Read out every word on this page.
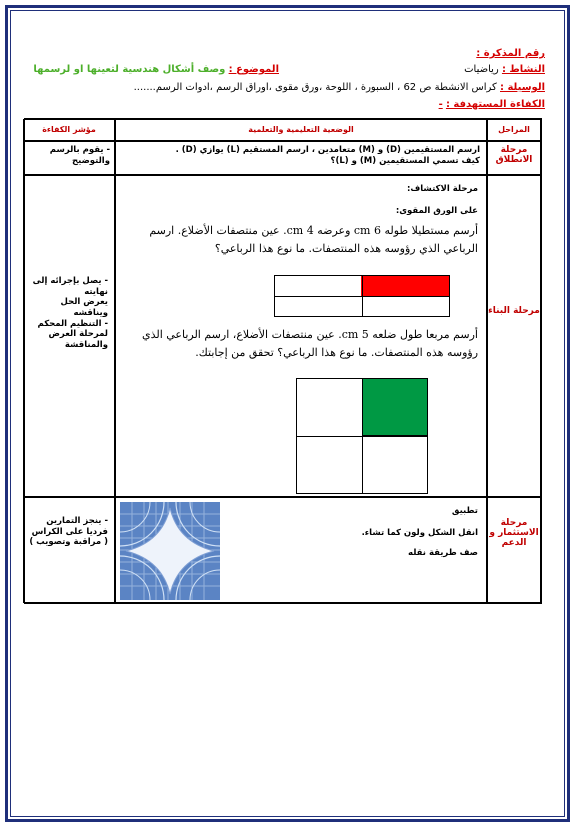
رقم المذكرة :
النشاط : رياضيات
الموضوع : وصف أشكال هندسية لتعينها او لرسمها
الوسيلة : كراس الانشطة ص 62 ، السبورة ، اللوحة ،ورق مقوى ،اوراق الرسم ،ادوات الرسم.......
الكفاءة المستهدفة : -
المراحل
الوضعية التعليمية والتعلمية
مؤشر الكفاءة
مرحلة الانطلاق
ارسم المستقيمين (D) و (M) متعامدين ، ارسم المستقيم (L) يوازي (D) .
كيف تسمي المستقيمين (M) و (L)؟
- يقوم بالرسم والتوضيح
مرحلة البناء
مرحلة الاكتشاف:
على الورق المقوى:
أرسم مستطيلا طوله 6 cm وعرضه 4 cm. عين منتصفات الأضلاع. ارسم الرباعي الذي رؤوسه هذه المنتصفات. ما نوع هذا الرباعي؟
أرسم مربعا طول ضلعه 5 cm. عين منتصفات الأضلاع، ارسم الرباعي الذي رؤوسه هذه المنتصفات. ما نوع هذا الرباعي؟ تحقق من إجابتك.
- يصل بإجرائه إلى نهايته
يعرض الحل ويناقشه
- التنظيم المحكم لمرحلة العرض والمناقشة
مرحلة الاستثمار و الدعم
تطبيق
انقل الشكل ولون كما تشاء.
صف طريقة نقله
- ينجز التمارين فرديا على الكراس ( مراقبة وتصويب )
